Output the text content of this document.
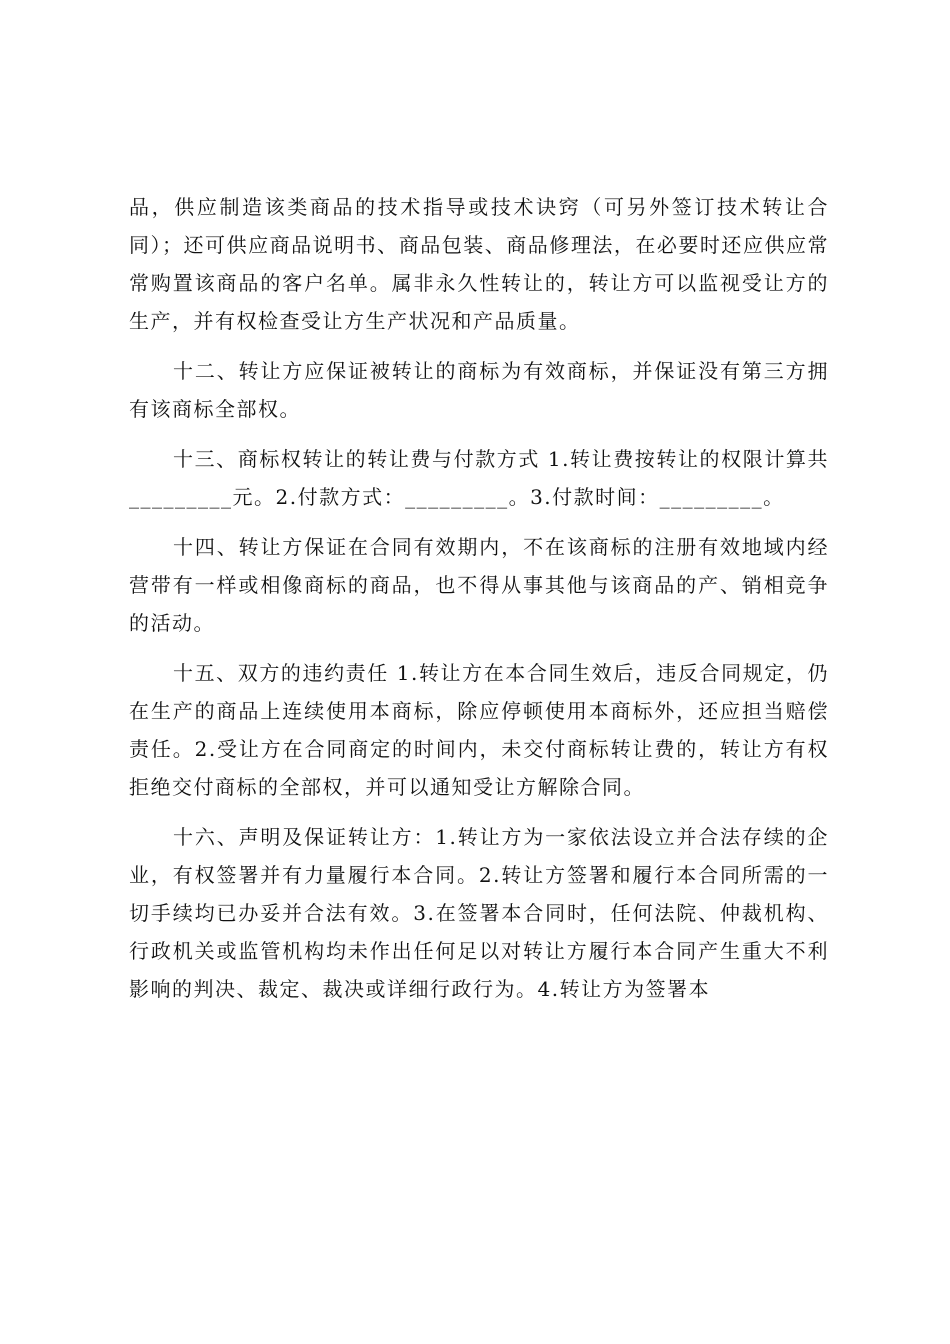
品，供应制造该类商品的技术指导或技术诀窍（可另外签订技术转让合同）；还可供应商品说明书、商品包装、商品修理法，在必要时还应供应常常购置该商品的客户名单。属非永久性转让的，转让方可以监视受让方的生产，并有权检查受让方生产状况和产品质量。

十二、转让方应保证被转让的商标为有效商标，并保证没有第三方拥有该商标全部权。

十三、商标权转让的转让费与付款方式 1.转让费按转让的权限计算共_________元。2.付款方式：_________。3.付款时间：_________。

十四、转让方保证在合同有效期内，不在该商标的注册有效地域内经营带有一样或相像商标的商品，也不得从事其他与该商品的产、销相竞争的活动。

十五、双方的违约责任 1.转让方在本合同生效后，违反合同规定，仍在生产的商品上连续使用本商标，除应停顿使用本商标外，还应担当赔偿责任。2.受让方在合同商定的时间内，未交付商标转让费的，转让方有权拒绝交付商标的全部权，并可以通知受让方解除合同。

十六、声明及保证转让方：1.转让方为一家依法设立并合法存续的企业，有权签署并有力量履行本合同。2.转让方签署和履行本合同所需的一切手续均已办妥并合法有效。3.在签署本合同时，任何法院、仲裁机构、行政机关或监管机构均未作出任何足以对转让方履行本合同产生重大不利影响的判决、裁定、裁决或详细行政行为。4.转让方为签署本
